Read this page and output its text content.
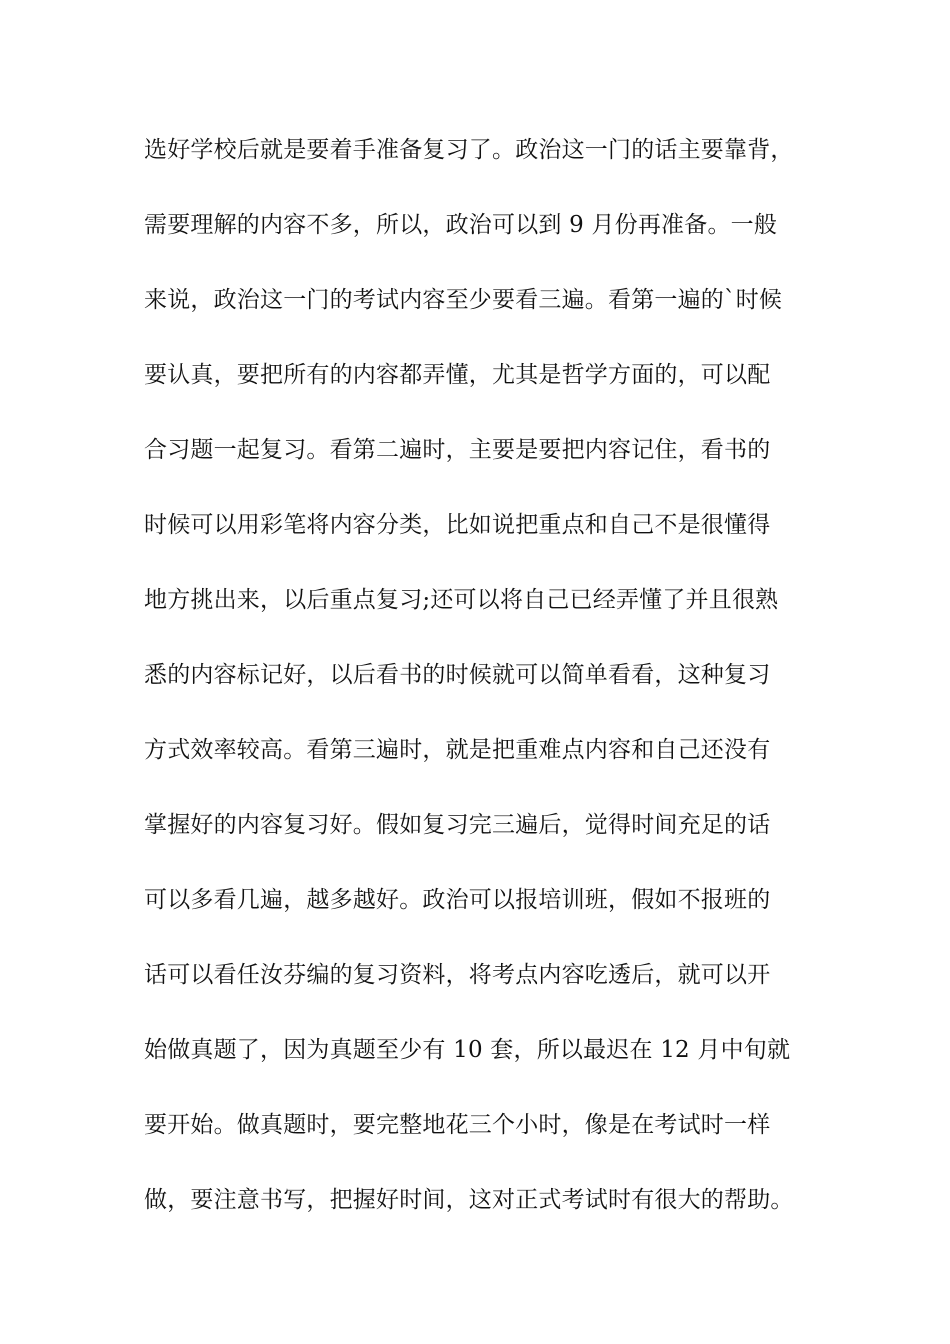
选好学校后就是要着手准备复习了。政治这一门的话主要靠背，
需要理解的内容不多，所以，政治可以到 9 月份再准备。一般
来说，政治这一门的考试内容至少要看三遍。看第一遍的`时候
要认真，要把所有的内容都弄懂，尤其是哲学方面的，可以配
合习题一起复习。看第二遍时，主要是要把内容记住，看书的
时候可以用彩笔将内容分类，比如说把重点和自己不是很懂得
地方挑出来，以后重点复习;还可以将自己已经弄懂了并且很熟
悉的内容标记好，以后看书的时候就可以简单看看，这种复习
方式效率较高。看第三遍时，就是把重难点内容和自己还没有
掌握好的内容复习好。假如复习完三遍后，觉得时间充足的话
可以多看几遍，越多越好。政治可以报培训班，假如不报班的
话可以看任汝芬编的复习资料，将考点内容吃透后，就可以开
始做真题了，因为真题至少有 10 套，所以最迟在 12 月中旬就
要开始。做真题时，要完整地花三个小时，像是在考试时一样
做，要注意书写，把握好时间，这对正式考试时有很大的帮助。
